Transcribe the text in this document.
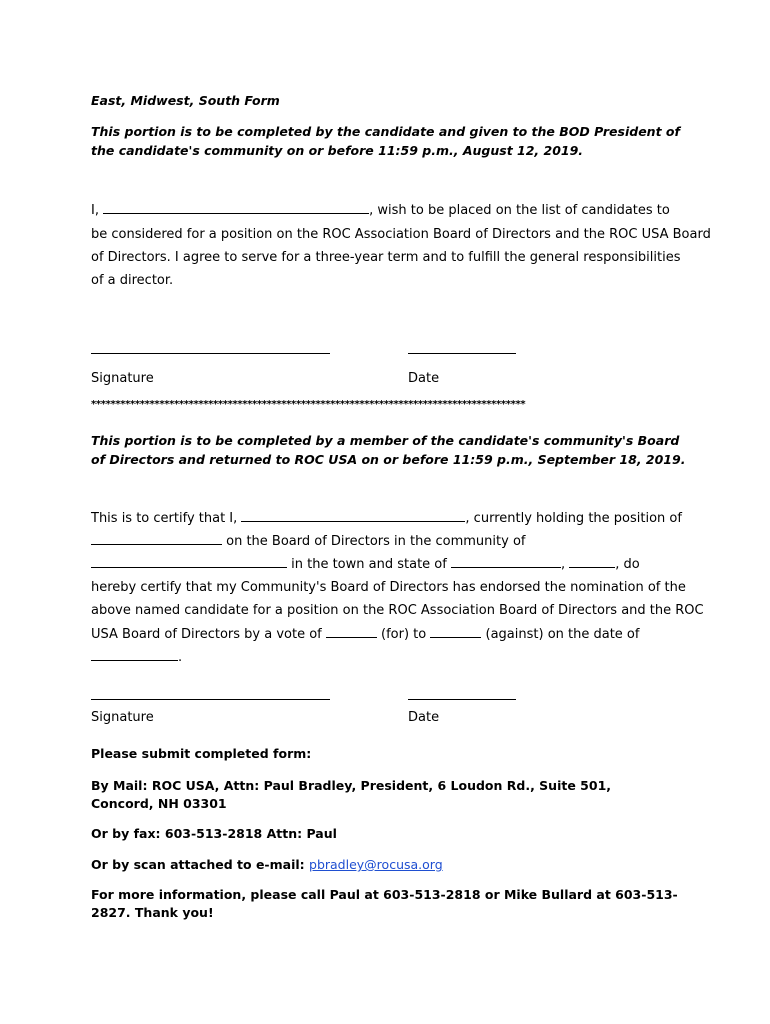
East, Midwest, South Form
This portion is to be completed by the candidate and given to the BOD President of the candidate's community on or before 11:59 p.m., August 12, 2019.
I,	, wish to be placed on the list of candidates to
be considered for a position on the ROC Association Board of Directors and the ROC USA Board
of Directors. I agree to serve for a three-year term and to fulfill the general responsibilities
of a director.
Signature	Date
*****************************************************************************************
This portion is to be completed by a member of the candidate's community's Board of Directors and returned to ROC USA on or before 11:59 p.m., September 18, 2019.
This is to certify that I,	, currently holding the position of
on the Board of Directors in the community of
in the town and state of	,	, do
hereby certify that my Community's Board of Directors has endorsed the nomination of the
above named candidate for a position on the ROC Association Board of Directors and the ROC
USA Board of Directors by a vote of	(for) to	(against) on the date of
.
Signature	Date
Please submit completed form:
By Mail: ROC USA, Attn: Paul Bradley, President, 6 Loudon Rd., Suite 501, Concord, NH 03301
Or by fax: 603-513-2818 Attn: Paul
Or by scan attached to e-mail: pbradley@rocusa.org
For more information, please call Paul at 603-513-2818 or Mike Bullard at 603-513-2827. Thank you!
